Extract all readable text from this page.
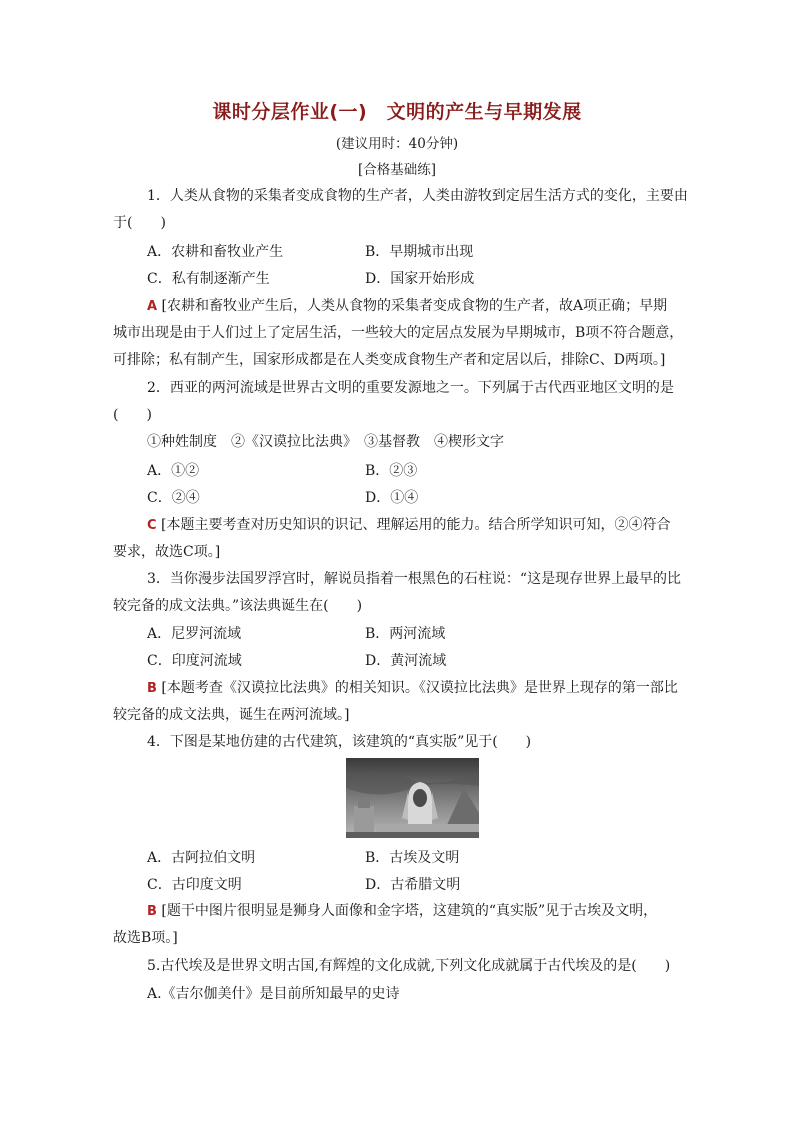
课时分层作业(一)　文明的产生与早期发展
(建议用时：40分钟)
[合格基础练]
1．人类从食物的采集者变成食物的生产者，人类由游牧到定居生活方式的变化，主要由
于(　　)
A．农耕和畜牧业产生	B．早期城市出现
C．私有制逐渐产生	D．国家开始形成
A [农耕和畜牧业产生后，人类从食物的采集者变成食物的生产者，故A项正确；早期
城市出现是由于人们过上了定居生活，一些较大的定居点发展为早期城市，B项不符合题意，
可排除；私有制产生，国家形成都是在人类变成食物生产者和定居以后，排除C、D两项。]
2．西亚的两河流域是世界古文明的重要发源地之一。下列属于古代西亚地区文明的是
(　　)
①种姓制度　②《汉谟拉比法典》　③基督教　④楔形文字
A．①②	B．②③
C．②④	D．①④
C [本题主要考查对历史知识的识记、理解运用的能力。结合所学知识可知，②④符合
要求，故选C项。]
3．当你漫步法国罗浮宫时，解说员指着一根黑色的石柱说：“这是现存世界上最早的比
较完备的成文法典。”该法典诞生在(　　)
A．尼罗河流域	B．两河流域
C．印度河流域	D．黄河流域
B [本题考查《汉谟拉比法典》的相关知识。《汉谟拉比法典》是世界上现存的第一部比
较完备的成文法典，诞生在两河流域。]
4．下图是某地仿建的古代建筑，该建筑的“真实版”见于(　　)
A．古阿拉伯文明	B．古埃及文明
C．古印度文明	D．古希腊文明
B [题干中图片很明显是狮身人面像和金字塔，这建筑的“真实版”见于古埃及文明，
故选B项。]
5.古代埃及是世界文明古国,有辉煌的文化成就,下列文化成就属于古代埃及的是(　　)
A.《吉尔伽美什》是目前所知最早的史诗
